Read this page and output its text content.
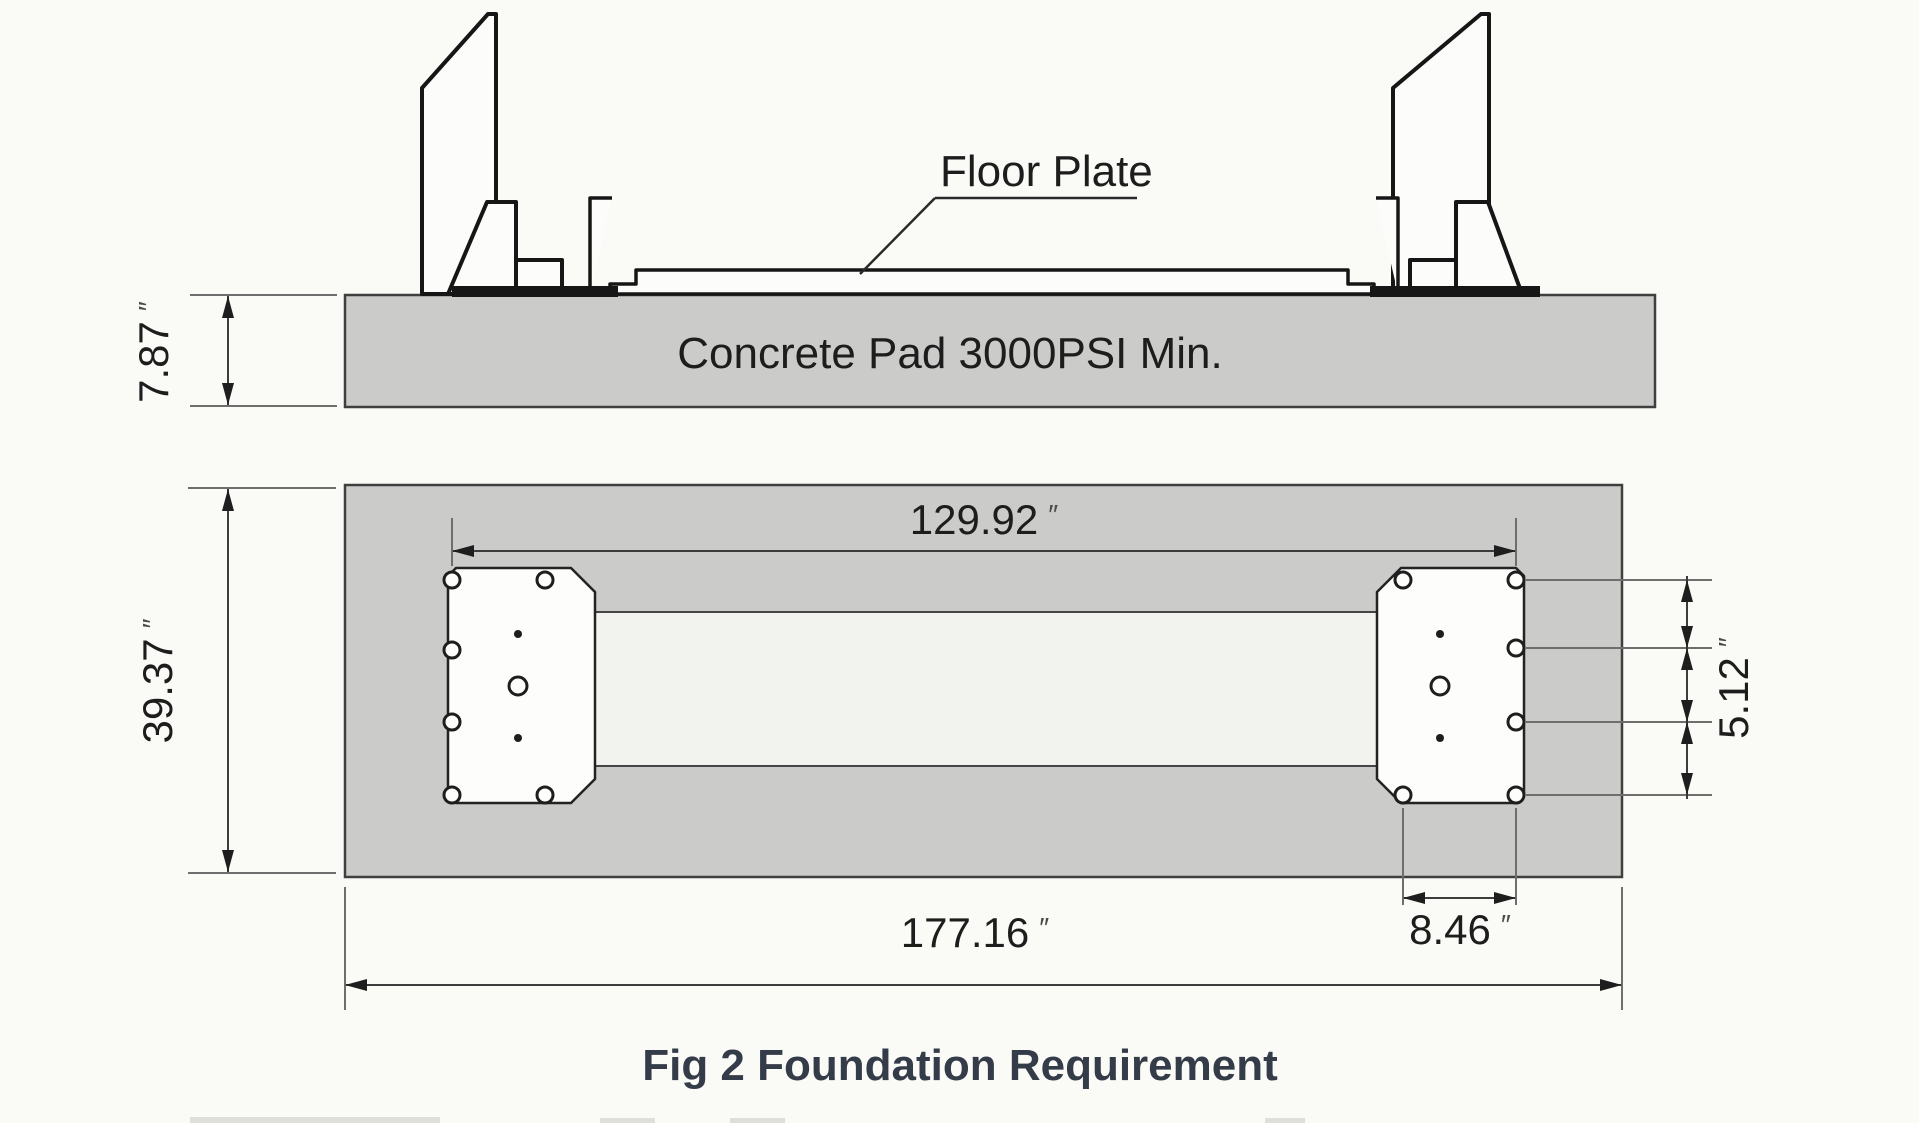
Floor Plate
Concrete Pad 3000PSI Min.
7.87″
129.92 ″
39.37″
5.12″
8.46 ″
177.16 ″
Fig 2 Foundation Requirement
